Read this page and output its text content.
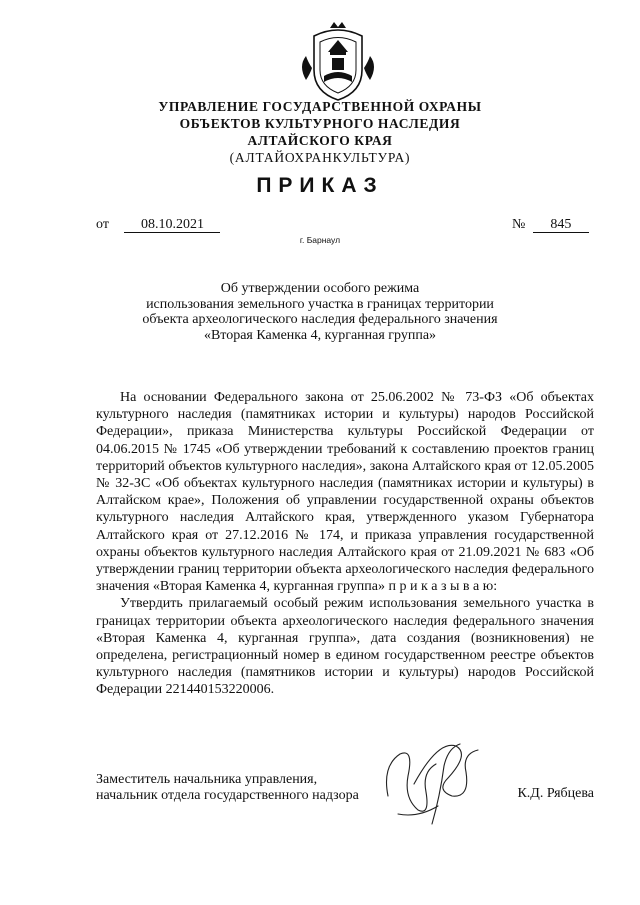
УПРАВЛЕНИЕ ГОСУДАРСТВЕННОЙ ОХРАНЫ
ОБЪЕКТОВ КУЛЬТУРНОГО НАСЛЕДИЯ
АЛТАЙСКОГО КРАЯ
(АЛТАЙОХРАНКУЛЬТУРА)
ПРИКАЗ
от 08.10.2021	№ 845
г. Барнаул
Об утверждении особого режима
использования земельного участка в границах территории
объекта археологического наследия федерального значения
«Вторая Каменка 4, курганная группа»

На основании Федерального закона от 25.06.2002 № 73-ФЗ «Об объектах культурного наследия (памятниках истории и культуры) народов Российской Федерации», приказа Министерства культуры Российской Федерации от 04.06.2015 № 1745 «Об утверждении требований к составлению проектов границ территорий объектов культурного наследия», закона Алтайского края от 12.05.2005 № 32-ЗС «Об объектах культурного наследия (памятниках истории и культуры) в Алтайском крае», Положения об управлении государственной охраны объектов культурного наследия Алтайского края, утвержденного указом Губернатора Алтайского края от 27.12.2016 № 174, и приказа управления государственной охраны объектов культурного наследия Алтайского края от 21.09.2021 № 683 «Об утверждении границ территории объекта археологического наследия федерального значения «Вторая Каменка 4, курганная группа» п р и к а з ы в а ю:

Утвердить прилагаемый особый режим использования земельного участка в границах территории объекта археологического наследия федерального значения «Вторая Каменка 4, курганная группа», дата создания (возникновения) не определена, регистрационный номер в едином государственном реестре объектов культурного наследия (памятников истории и культуры) народов Российской Федерации 221440153220006.

Заместитель начальника управления,
начальник отдела государственного надзора	К.Д. Рябцева
